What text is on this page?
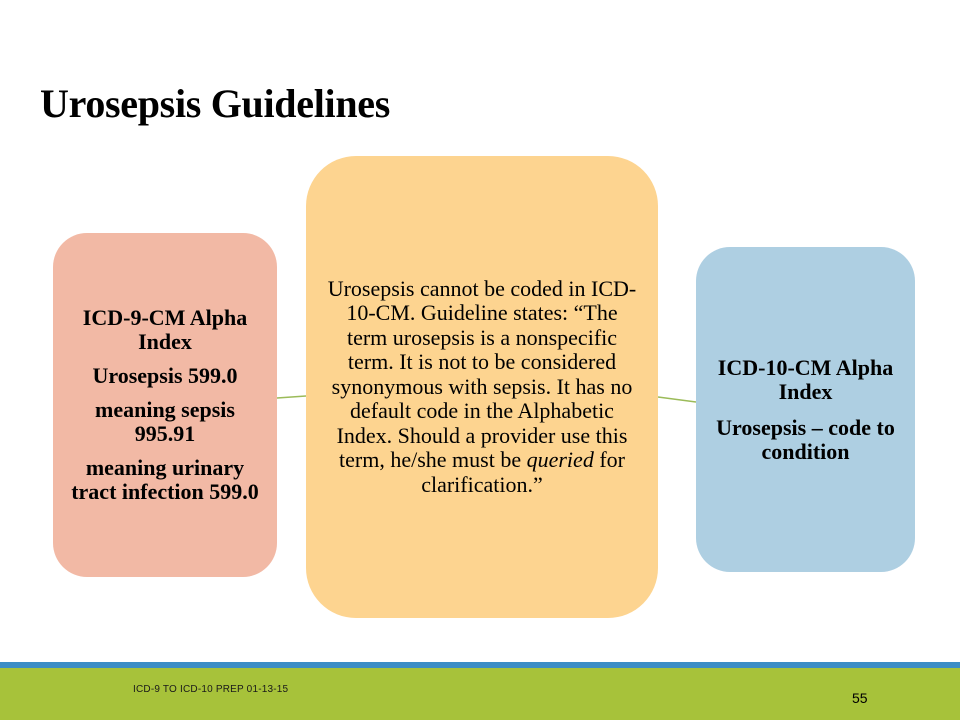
Urosepsis Guidelines

ICD-9-CM Alpha Index

Urosepsis 599.0

meaning sepsis 995.91

meaning urinary tract infection 599.0

Urosepsis cannot be coded in ICD-10-CM. Guideline states: “The term urosepsis is a nonspecific term. It is not to be considered synonymous with sepsis. It has no default code in the Alphabetic Index. Should a provider use this term, he/she must be queried for clarification.”

ICD-10-CM Alpha Index

Urosepsis – code to condition

ICD-9 TO ICD-10 PREP 01-13-15
55
